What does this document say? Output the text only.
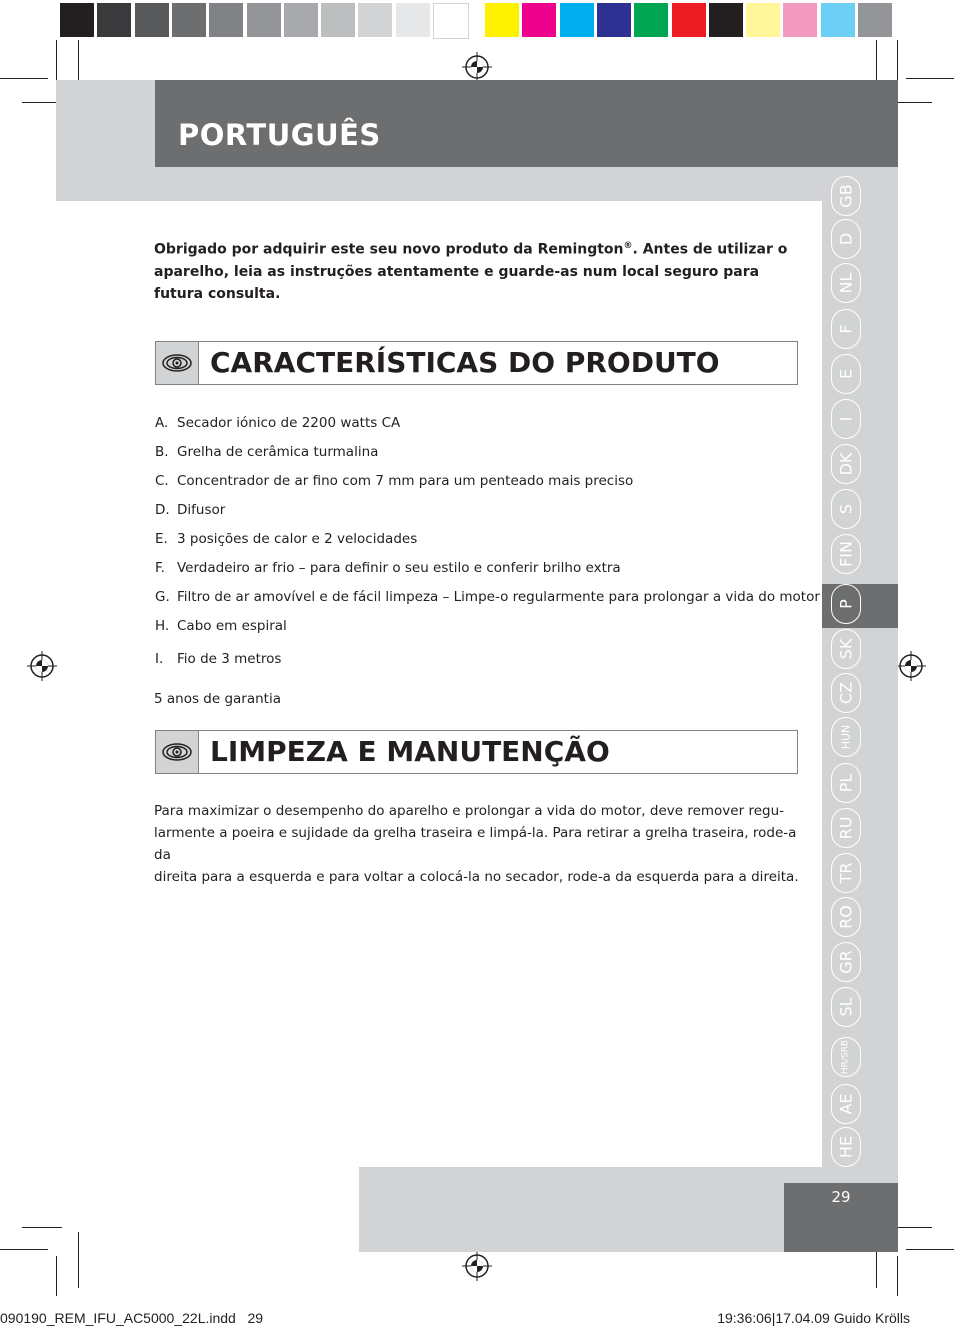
PORTUGUÊS
GB
D
NL
F
E
I
DK
S
FIN
P
SK
CZ
HUN
PL
RU
TR
RO
GR
SL
HR/SRB
AE
HE
Obrigado por adquirir este seu novo produto da Remington®. Antes de utilizar o aparelho, leia as instruções atentamente e guarde-as num local seguro para futura consulta.
CARACTERÍSTICAS DO PRODUTO
A. Secador iónico de 2200 watts CA
B. Grelha de cerâmica turmalina
C. Concentrador de ar fino com 7 mm para um penteado mais preciso
D. Difusor
E. 3 posições de calor e 2 velocidades
F. Verdadeiro ar frio – para definir o seu estilo e conferir brilho extra
G. Filtro de ar amovível e de fácil limpeza – Limpe-o regularmente para prolongar a vida do motor
H. Cabo em espiral
I. Fio de 3 metros
5 anos de garantia
LIMPEZA E MANUTENÇÃO
Para maximizar o desempenho do aparelho e prolongar a vida do motor, deve remover regu-
larmente a poeira e sujidade da grelha traseira e limpá-la. Para retirar a grelha traseira, rode-a da
direita para a esquerda e para voltar a colocá-la no secador, rode-a da esquerda para a direita.
29
090190_REM_IFU_AC5000_22L.indd   29	19:36:06|17.04.09 Guido Krölls
